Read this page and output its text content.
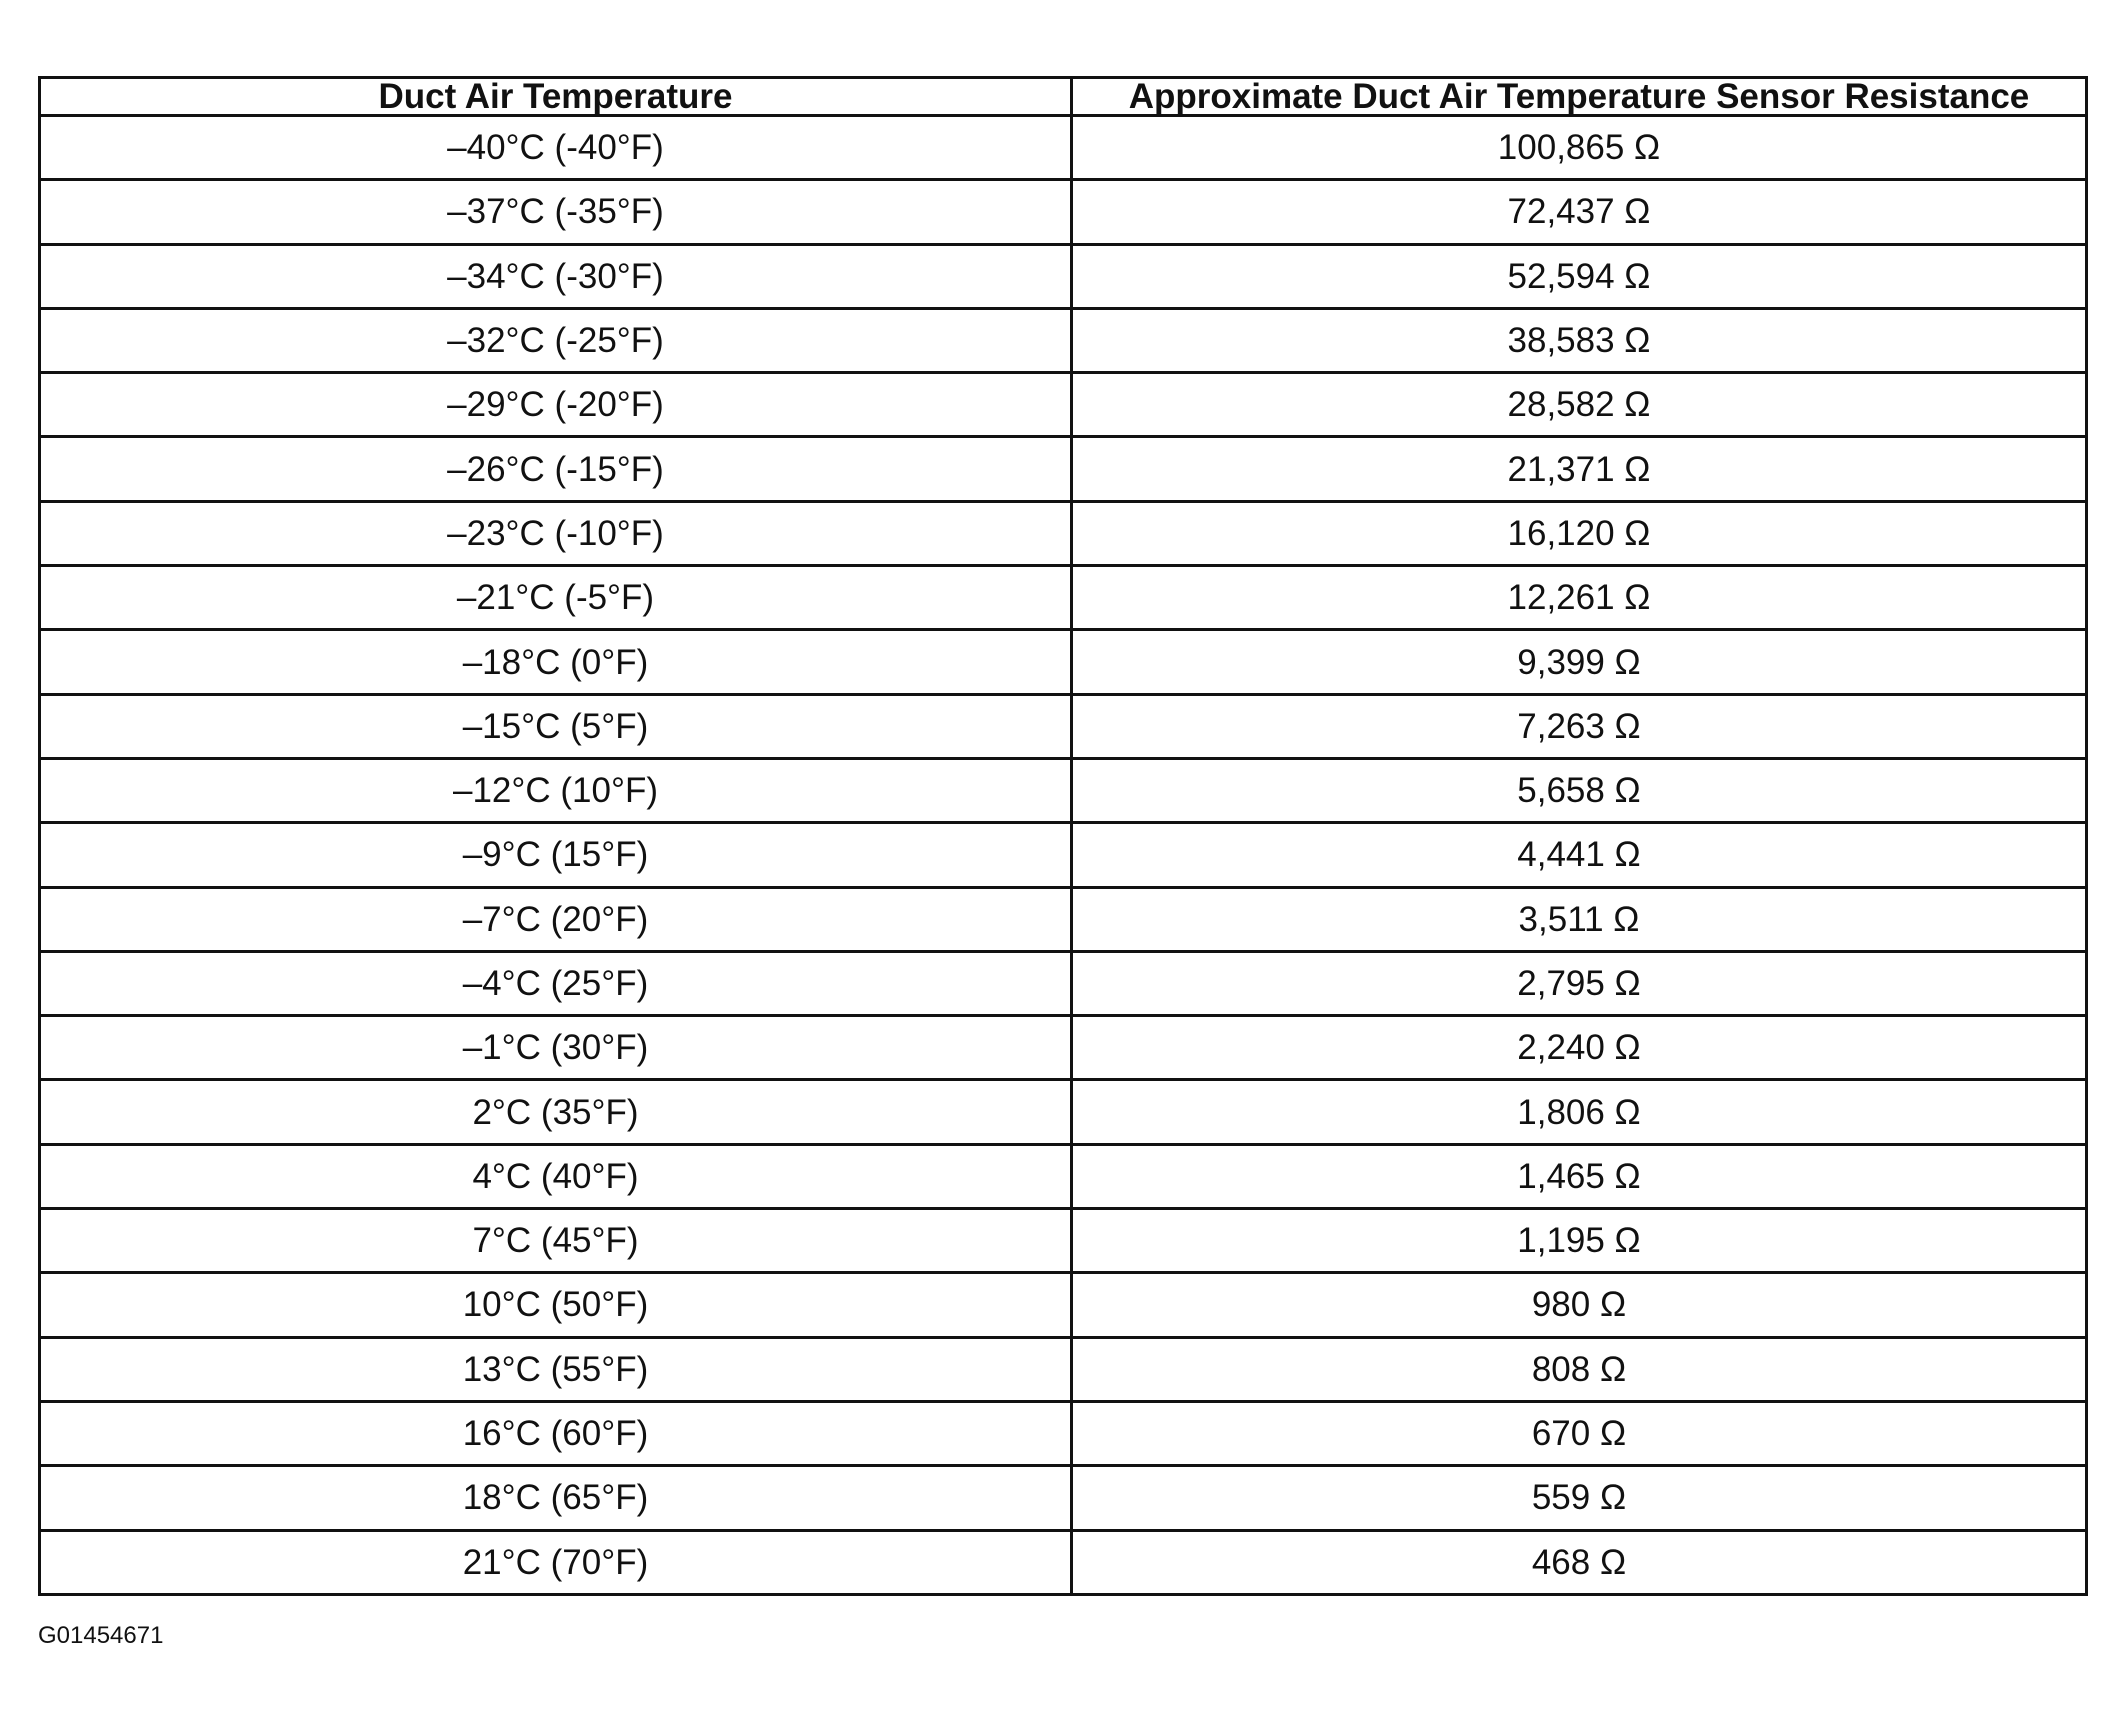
Duct Air Temperature	Approximate Duct Air Temperature Sensor Resistance
–40°C (-40°F)	100,865 Ω
–37°C (-35°F)	72,437 Ω
–34°C (-30°F)	52,594 Ω
–32°C (-25°F)	38,583 Ω
–29°C (-20°F)	28,582 Ω
–26°C (-15°F)	21,371 Ω
–23°C (-10°F)	16,120 Ω
–21°C (-5°F)	12,261 Ω
–18°C (0°F)	9,399 Ω
–15°C (5°F)	7,263 Ω
–12°C (10°F)	5,658 Ω
–9°C (15°F)	4,441 Ω
–7°C (20°F)	3,511 Ω
–4°C (25°F)	2,795 Ω
–1°C (30°F)	2,240 Ω
2°C (35°F)	1,806 Ω
4°C (40°F)	1,465 Ω
7°C (45°F)	1,195 Ω
10°C (50°F)	980 Ω
13°C (55°F)	808 Ω
16°C (60°F)	670 Ω
18°C (65°F)	559 Ω
21°C (70°F)	468 Ω
G01454671
